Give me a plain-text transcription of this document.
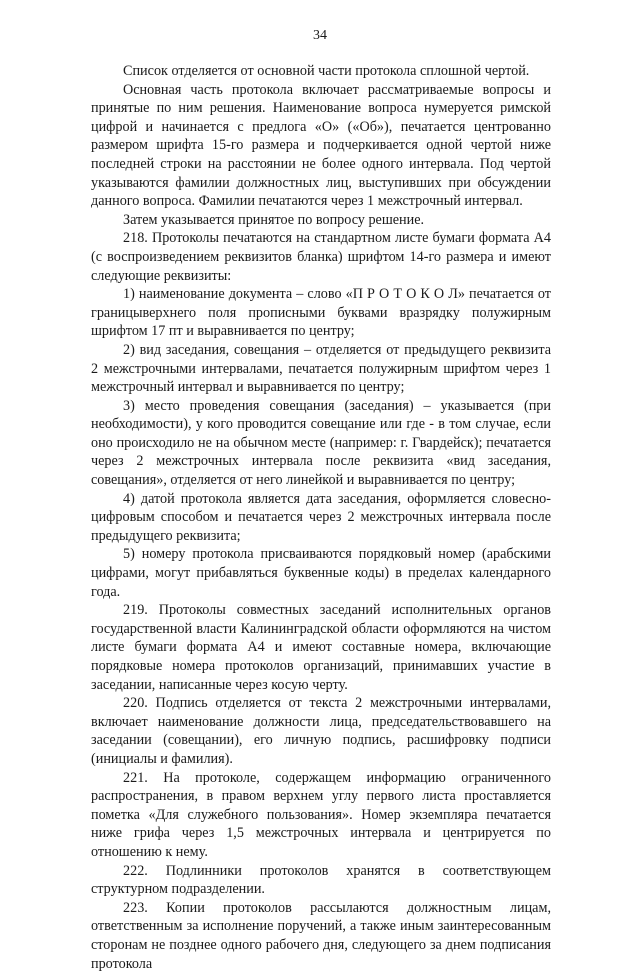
34

Список отделяется от основной части протокола сплошной чертой.

Основная часть протокола включает рассматриваемые вопросы и принятые по ним решения. Наименование вопроса нумеруется римской цифрой и начинается с предлога «О» («Об»), печатается центрованно размером шрифта 15-го размера и подчеркивается одной чертой ниже последней строки на расстоянии не более одного интервала. Под чертой указываются фамилии должностных лиц, выступивших при обсуждении данного вопроса. Фамилии печатаются через 1 межстрочный интервал.

Затем указывается принятое по вопросу решение.

218. Протоколы печатаются на стандартном листе бумаги формата А4 (с воспроизведением реквизитов бланка) шрифтом 14-го размера и имеют следующие реквизиты:

1) наименование документа – слово «П Р О Т О К О Л» печатается от границыверхнего поля прописными буквами вразрядку полужирным шрифтом 17 пт и выравнивается по центру;

2) вид заседания, совещания – отделяется от предыдущего реквизита 2 межстрочными интервалами, печатается полужирным шрифтом через 1 межстрочный интервал и выравнивается по центру;

3) место проведения совещания (заседания) – указывается (при необходимости), у кого проводится совещание или где - в том случае, если оно происходило не на обычном месте (например: г. Гвардейск); печатается через 2 межстрочных интервала после реквизита «вид заседания, совещания», отделяется от него линейкой и выравнивается по центру;

4) датой протокола является дата заседания, оформляется словесно-цифровым способом и печатается через 2 межстрочных интервала после предыдущего реквизита;

5) номеру протокола присваиваются порядковый номер (арабскими цифрами, могут прибавляться буквенные коды) в пределах календарного года.

219. Протоколы совместных заседаний исполнительных органов государственной власти Калининградской области оформляются на чистом листе бумаги формата А4 и имеют составные номера, включающие порядковые номера протоколов организаций, принимавших участие в заседании, написанные через косую черту.

220. Подпись отделяется от текста 2 межстрочными интервалами, включает наименование должности лица, председательствовавшего на заседании (совещании), его личную подпись, расшифровку подписи (инициалы и фамилия).

221. На протоколе, содержащем информацию ограниченного распространения, в правом верхнем углу первого листа проставляется пометка «Для служебного пользования». Номер экземпляра печатается ниже грифа через 1,5 межстрочных интервала и центрируется по отношению к нему.

222. Подлинники протоколов хранятся в соответствующем структурном подразделении.

223. Копии протоколов рассылаются должностным лицам, ответственным за исполнение поручений, а также иным заинтересованным сторонам не позднее одного рабочего дня, следующего за днем подписания протокола
